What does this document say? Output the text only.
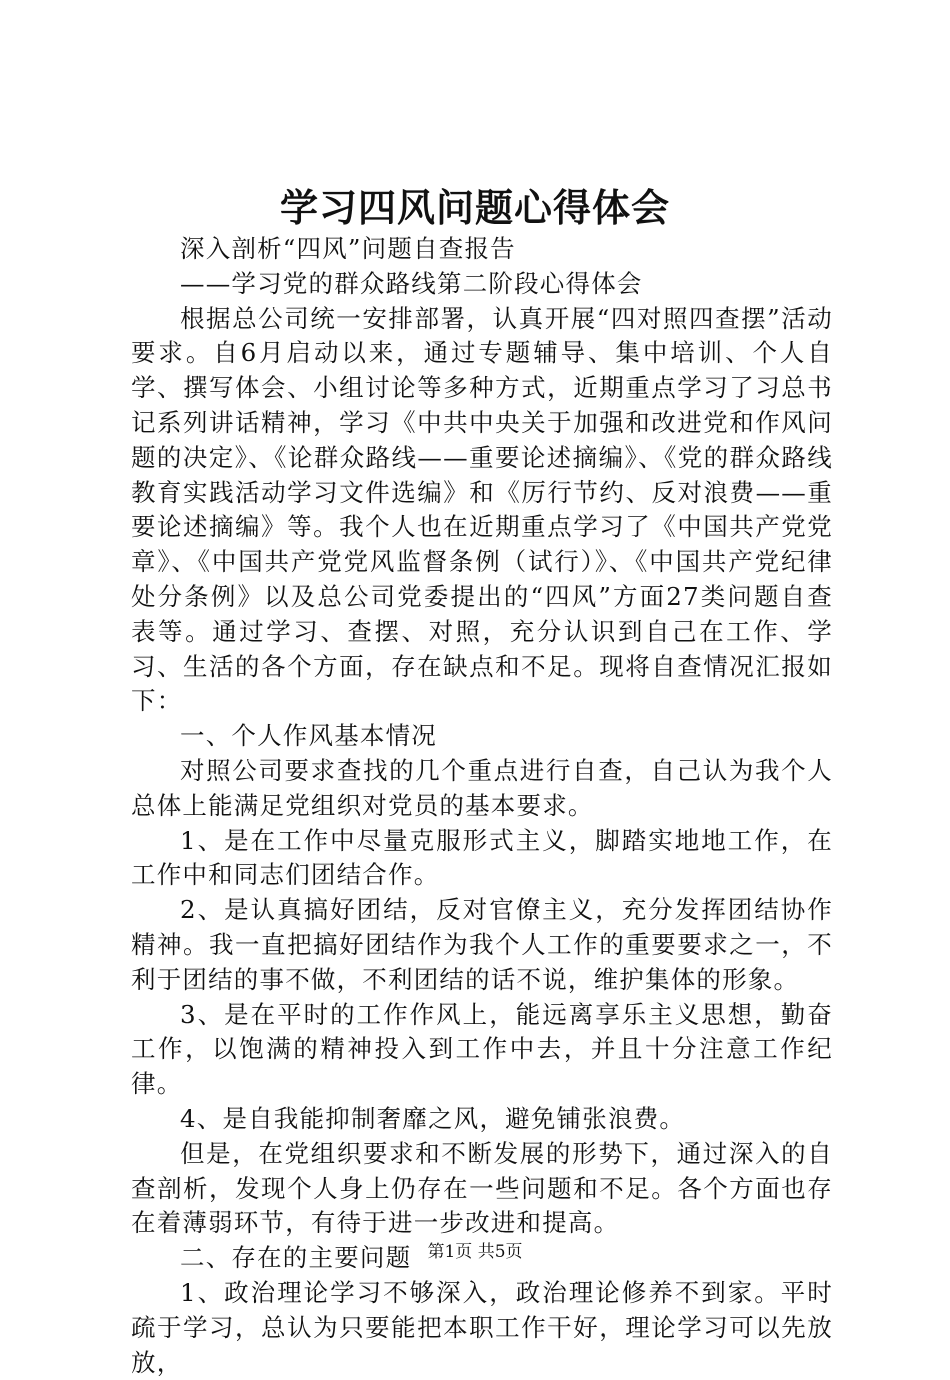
学习四风问题心得体会

深入剖析“四风”问题自查报告

——学习党的群众路线第二阶段心得体会

根据总公司统一安排部署，认真开展“四对照四查摆”活动要求。自6月启动以来，通过专题辅导、集中培训、个人自学、撰写体会、小组讨论等多种方式，近期重点学习了习总书记系列讲话精神，学习《中共中央关于加强和改进党和作风问题的决定》、《论群众路线——重要论述摘编》、《党的群众路线教育实践活动学习文件选编》和《厉行节约、反对浪费——重要论述摘编》等。我个人也在近期重点学习了《中国共产党党章》、《中国共产党党风监督条例（试行）》、《中国共产党纪律处分条例》以及总公司党委提出的“四风”方面27类问题自查表等。通过学习、查摆、对照，充分认识到自己在工作、学习、生活的各个方面，存在缺点和不足。现将自查情况汇报如下：

一、个人作风基本情况

对照公司要求查找的几个重点进行自查，自己认为我个人总体上能满足党组织对党员的基本要求。

1、是在工作中尽量克服形式主义，脚踏实地地工作，在工作中和同志们团结合作。

2、是认真搞好团结，反对官僚主义，充分发挥团结协作精神。我一直把搞好团结作为我个人工作的重要要求之一，不利于团结的事不做，不利团结的话不说，维护集体的形象。

3、是在平时的工作作风上，能远离享乐主义思想，勤奋工作，以饱满的精神投入到工作中去，并且十分注意工作纪律。

4、是自我能抑制奢靡之风，避免铺张浪费。

但是，在党组织要求和不断发展的形势下，通过深入的自查剖析，发现个人身上仍存在一些问题和不足。各个方面也存在着薄弱环节，有待于进一步改进和提高。

二、存在的主要问题

1、政治理论学习不够深入，政治理论修养不到家。平时疏于学习，总认为只要能把本职工作干好，理论学习可以先放放，

第1页 共5页
